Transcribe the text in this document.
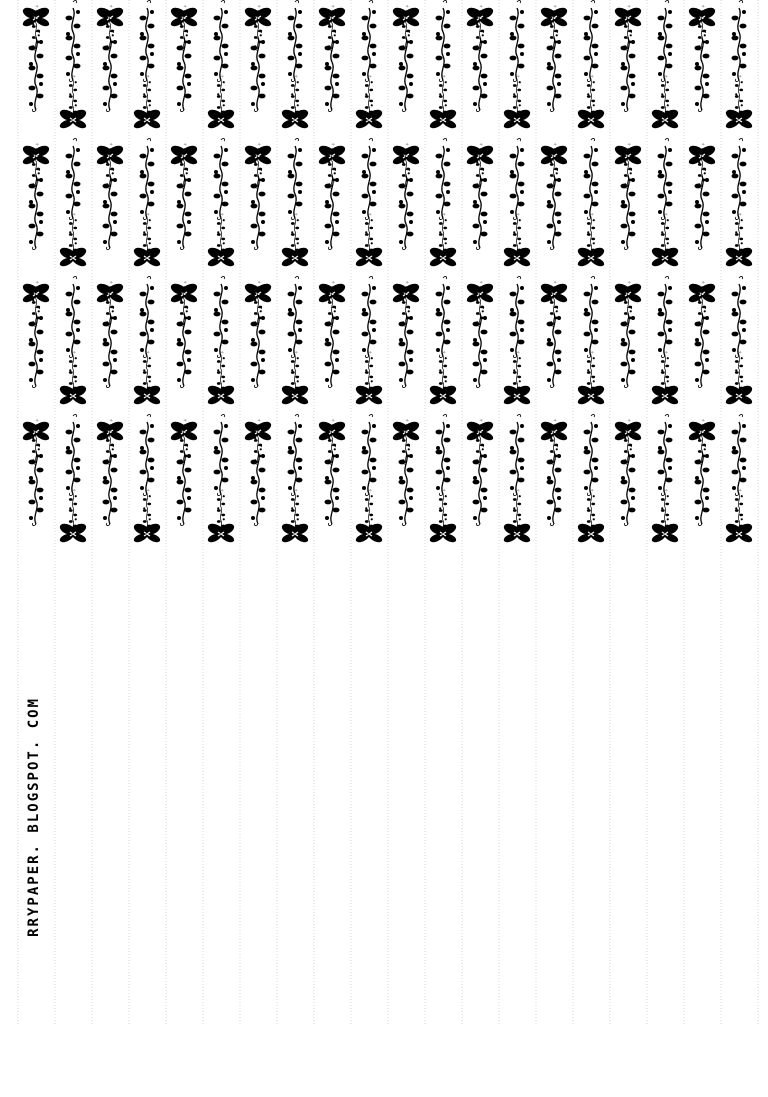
RRYPAPER. BLOGSPOT. COM
